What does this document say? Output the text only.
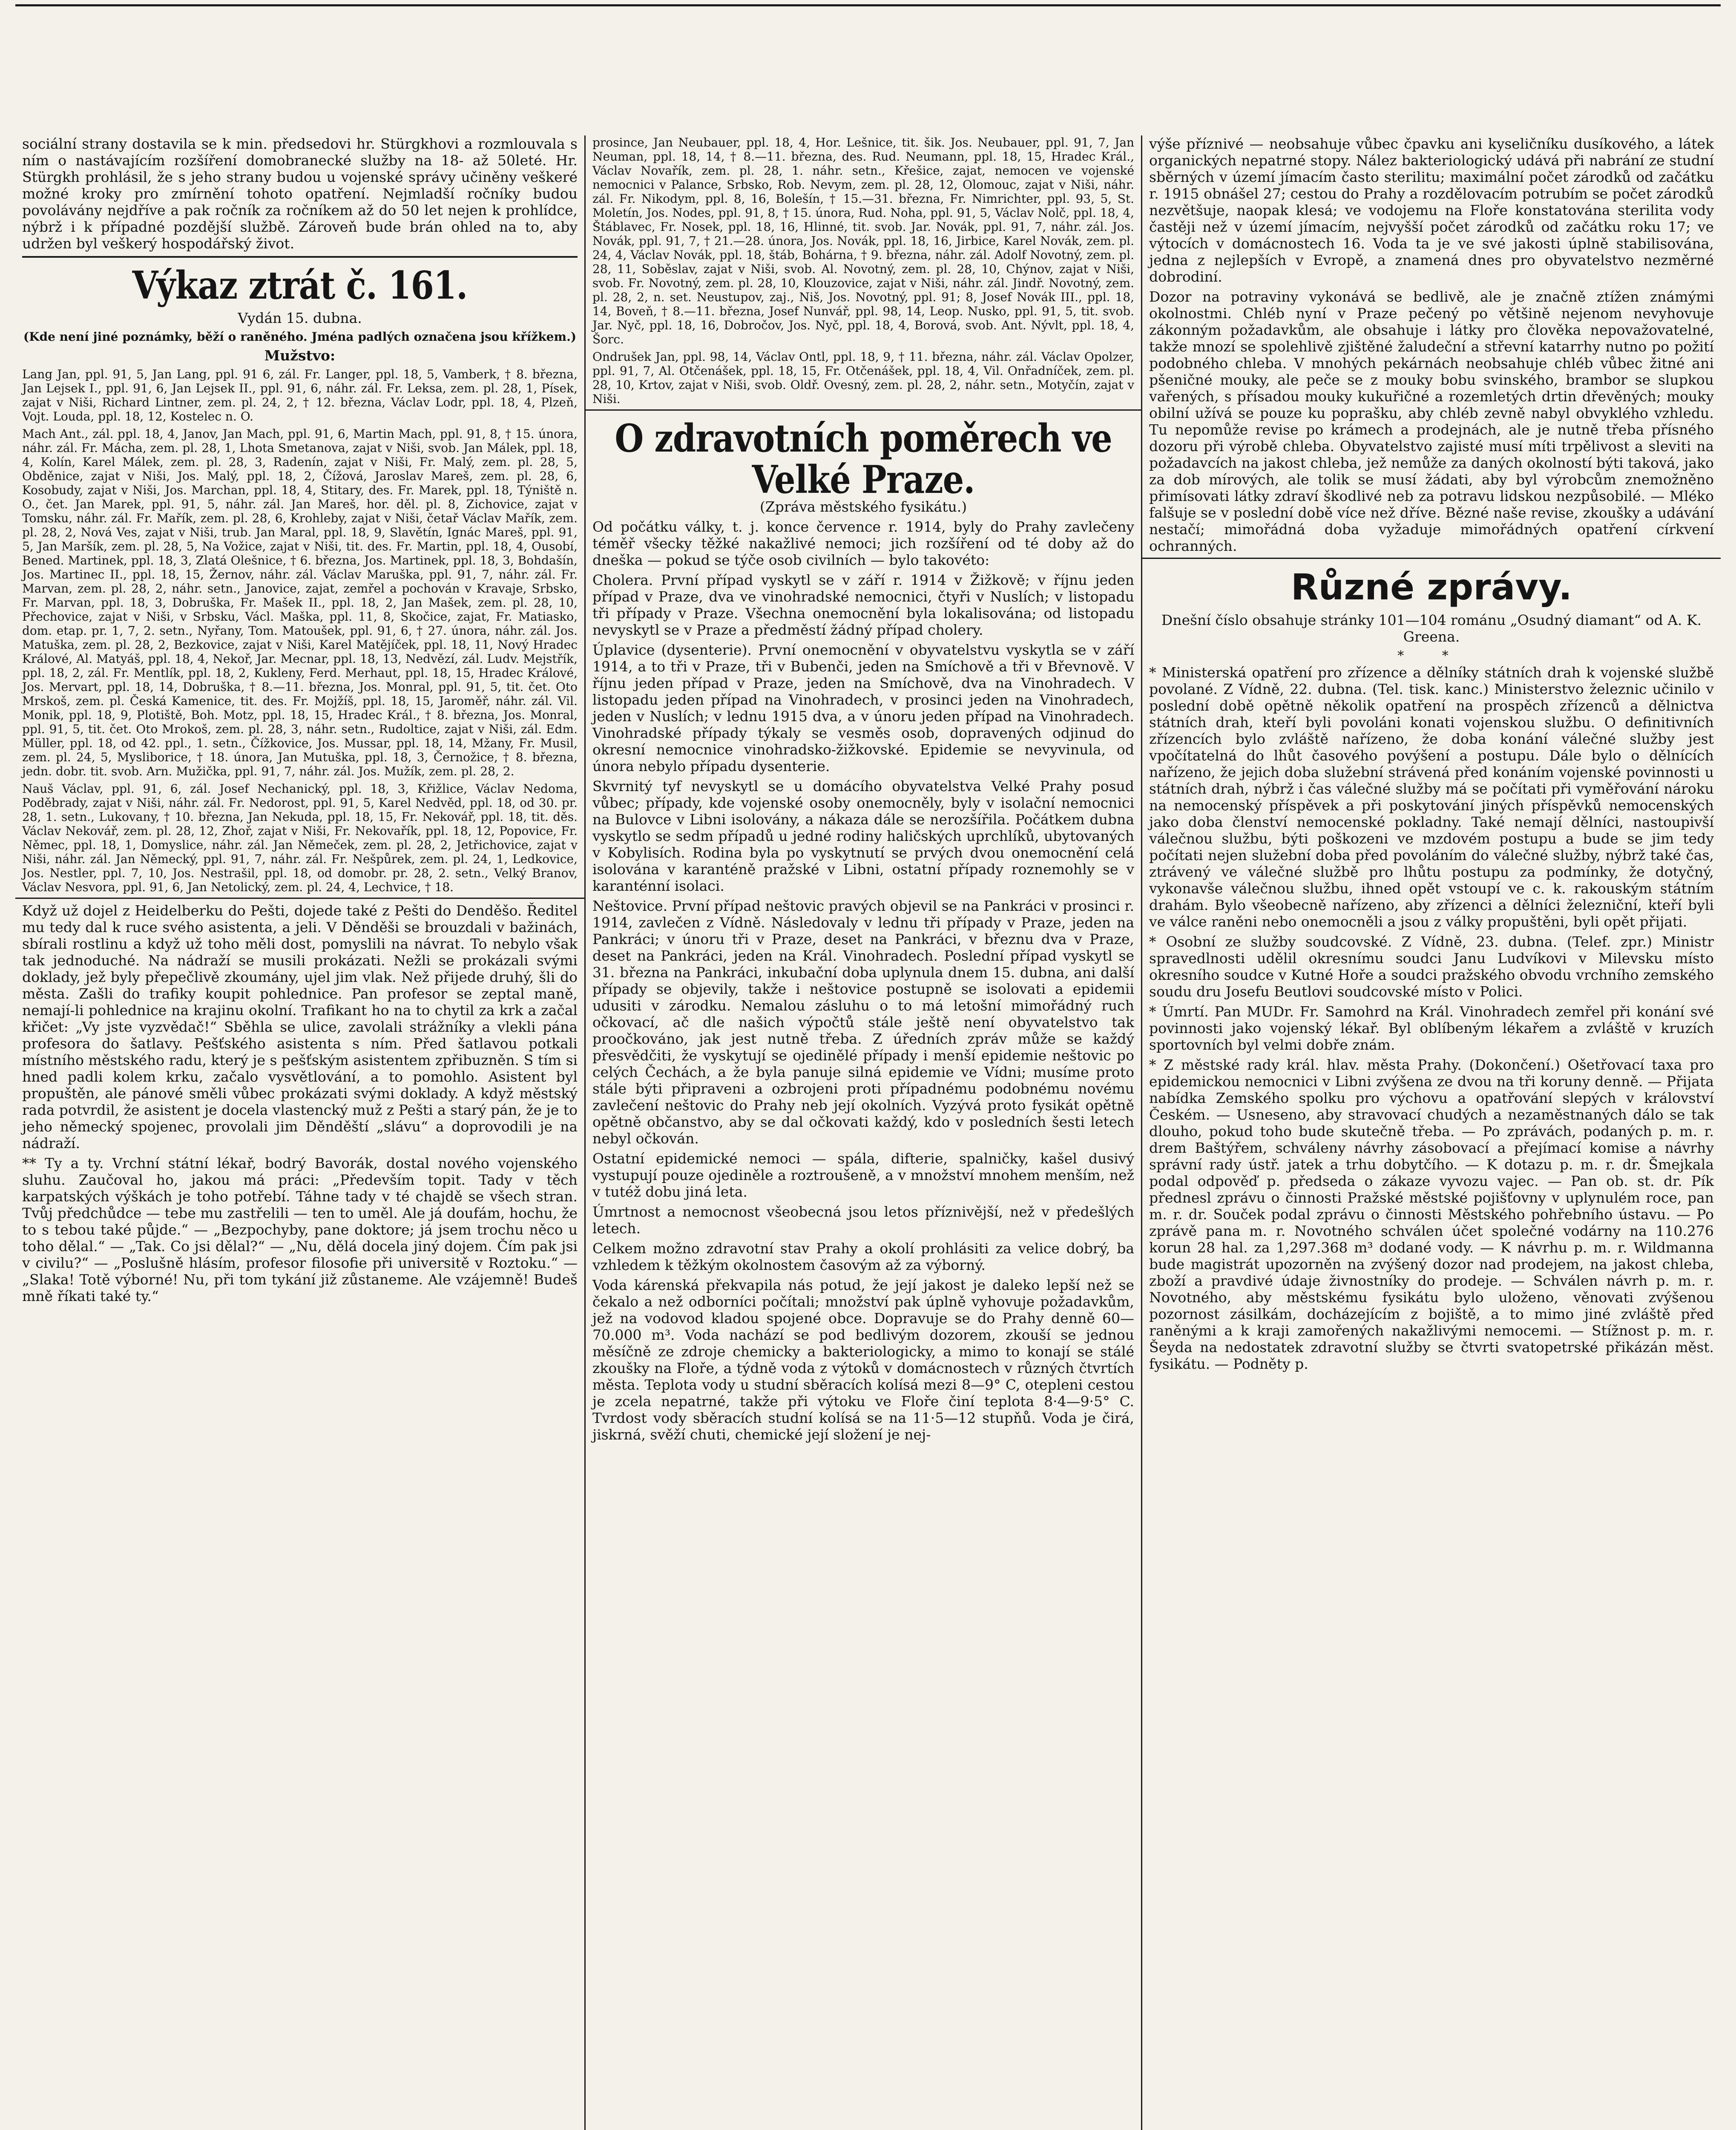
sociální strany dostavila se k min. předsedovi hr. Stürgkhovi a rozmlouvala s ním o nastávajícím rozšíření domobranecké služby na 18- až 50leté. Hr. Stürgkh prohlásil, že s jeho strany budou u vojenské správy učiněny veškeré možné kroky pro zmírnění tohoto opatření. Nejmladší ročníky budou povolávány nejdříve a pak ročník za ročníkem až do 50 let nejen k prohlídce, nýbrž i k případné pozdější službě. Zároveň bude brán ohled na to, aby udržen byl veškerý hospodářský život.

Výkaz ztrát č. 161.

Vydán 15. dubna.

(Kde není jiné poznámky, běží o raněného. Jména padlých označena jsou křížkem.)

Mužstvo:

Lang Jan, ppl. 91, 5, Jan Lang, ppl. 91 6, zál. Fr. Langer, ppl. 18, 5, Vamberk, † 8. března, Jan Lejsek I., ppl. 91, 6, Jan Lejsek II., ppl. 91, 6, náhr. zál. Fr. Leksa, zem. pl. 28, 1, Písek, zajat v Niši, Richard Lintner, zem. pl. 24, 2, † 12. března, Václav Lodr, ppl. 18, 4, Plzeň, Vojt. Louda, ppl. 18, 12, Kostelec n. O.

Mach Ant., zál. ppl. 18, 4, Janov, Jan Mach, ppl. 91, 6, Martin Mach, ppl. 91, 8, † 15. února, náhr. zál. Fr. Mácha, zem. pl. 28, 1, Lhota Smetanova, zajat v Niši, svob. Jan Málek, ppl. 18, 4, Kolín, Karel Málek, zem. pl. 28, 3, Radenín, zajat v Niši, Fr. Malý, zem. pl. 28, 5, Obděnice, zajat v Niši, Jos. Malý, ppl. 18, 2, Čížová, Jaroslav Mareš, zem. pl. 28, 6, Kosobudy, zajat v Niši, Jos. Marchan, ppl. 18, 4, Stitary, des. Fr. Marek, ppl. 18, Týniště n. O., čet. Jan Marek, ppl. 91, 5, náhr. zál. Jan Mareš, hor. děl. pl. 8, Zichovice, zajat v Tomsku, náhr. zál. Fr. Mařík, zem. pl. 28, 6, Krohleby, zajat v Niši, četař Václav Mařík, zem. pl. 28, 2, Nová Ves, zajat v Niši, trub. Jan Maral, ppl. 18, 9, Slavětín, Ignác Mareš, ppl. 91, 5, Jan Maršík, zem. pl. 28, 5, Na Vožice, zajat v Niši, tit. des. Fr. Martin, ppl. 18, 4, Ousobí, Bened. Martinek, ppl. 18, 3, Zlatá Olešnice, † 6. března, Jos. Martinek, ppl. 18, 3, Bohdašín, Jos. Martinec II., ppl. 18, 15, Žernov, náhr. zál. Václav Maruška, ppl. 91, 7, náhr. zál. Fr. Marvan, zem. pl. 28, 2, náhr. setn., Janovice, zajat, zemřel a pochován v Kravaje, Srbsko, Fr. Marvan, ppl. 18, 3, Dobruška, Fr. Mašek II., ppl. 18, 2, Jan Mašek, zem. pl. 28, 10, Přechovice, zajat v Niši, v Srbsku, Václ. Maška, ppl. 11, 8, Skočice, zajat, Fr. Matiasko, dom. etap. pr. 1, 7, 2. setn., Nyřany, Tom. Matoušek, ppl. 91, 6, † 27. února, náhr. zál. Jos. Matuška, zem. pl. 28, 2, Bezkovice, zajat v Niši, Karel Matějíček, ppl. 18, 11, Nový Hradec Králové, Al. Matyáš, ppl. 18, 4, Nekoř, Jar. Mecnar, ppl. 18, 13, Nedvězí, zál. Ludv. Mejstřík, ppl. 18, 2, zál. Fr. Mentlík, ppl. 18, 2, Kukleny, Ferd. Merhaut, ppl. 18, 15, Hradec Králové, Jos. Mervart, ppl. 18, 14, Dobruška, † 8.—11. března, Jos. Monral, ppl. 91, 5, tit. čet. Oto Mrskoš, zem. pl. Česká Kamenice, tit. des. Fr. Mojžíš, ppl. 18, 15, Jaroměř, náhr. zál. Vil. Monik, ppl. 18, 9, Plotiště, Boh. Motz, ppl. 18, 15, Hradec Král., † 8. března, Jos. Monral, ppl. 91, 5, tit. čet. Oto Mrokoš, zem. pl. 28, 3, náhr. setn., Rudoltice, zajat v Niši, zál. Edm. Müller, ppl. 18, od 42. ppl., 1. setn., Čížkovice, Jos. Mussar, ppl. 18, 14, Mžany, Fr. Musil, zem. pl. 24, 5, Mysliborice, † 18. února, Jan Mutuška, ppl. 18, 3, Černožice, † 8. března, jedn. dobr. tit. svob. Arn. Mužička, ppl. 91, 7, náhr. zál. Jos. Mužík, zem. pl. 28, 2.

Nauš Václav, ppl. 91, 6, zál. Josef Nechanický, ppl. 18, 3, Křižlice, Václav Nedoma, Poděbrady, zajat v Niši, náhr. zál. Fr. Nedorost, ppl. 91, 5, Karel Nedvěd, ppl. 18, od 30. pr. 28, 1. setn., Lukovany, † 10. března, Jan Nekuda, ppl. 18, 15, Fr. Nekovář, ppl. 18, tit. děs. Václav Nekovář, zem. pl. 28, 12, Zhoř, zajat v Niši, Fr. Nekovařík, ppl. 18, 12, Popovice, Fr. Němec, ppl. 18, 1, Domyslice, náhr. zál. Jan Němeček, zem. pl. 28, 2, Jetřichovice, zajat v Niši, náhr. zál. Jan Německý, ppl. 91, 7, náhr. zál. Fr. Nešpůrek, zem. pl. 24, 1, Ledkovice, Jos. Nestler, ppl. 7, 10, Jos. Nestrašil, ppl. 18, od domobr. pr. 28, 2. setn., Velký Branov, Václav Nesvora, ppl. 91, 6, Jan Netolický, zem. pl. 24, 4, Lechvice, † 18.

Když už dojel z Heidelberku do Pešti, dojede také z Pešti do Denděšo. Ředitel mu tedy dal k ruce svého asistenta, a jeli. V Děnděši se brouzdali v bažinách, sbírali rostlinu a když už toho měli dost, pomyslili na návrat. To nebylo však tak jednoduché. Na nádraží se musili prokázati. Nežli se prokázali svými doklady, jež byly přepečlivě zkoumány, ujel jim vlak. Než přijede druhý, šli do města. Zašli do trafiky koupit pohlednice. Pan profesor se zeptal maně, nemají-li pohlednice na krajinu okolní. Trafikant ho na to chytil za krk a začal křičet: „Vy jste vyzvědač!“ Sběhla se ulice, zavolali strážníky a vlekli pána profesora do šatlavy. Pešťského asistenta s ním. Před šatlavou potkali místního městského radu, který je s pešťským asistentem zpřibuzněn. S tím si hned padli kolem krku, začalo vysvětlování, a to pomohlo. Asistent byl propuštěn, ale pánové směli vůbec prokázati svými doklady. A když městský rada potvrdil, že asistent je docela vlastencký muž z Pešti a starý pán, že je to jeho německý spojenec, provolali jim Děnděští „slávu“ a doprovodili je na nádraží.

** Ty a ty. Vrchní státní lékař, bodrý Bavorák, dostal nového vojenského sluhu. Zaučoval ho, jakou má práci: „Především topit. Tady v těch karpatských výškách je toho potřebí. Táhne tady v té chajdě se všech stran. Tvůj předchůdce — tebe mu zastřelili — ten to uměl. Ale já doufám, hochu, že to s tebou také půjde.“ — „Bezpochyby, pane doktore; já jsem trochu něco u toho dělal.“ — „Tak. Co jsi dělal?“ — „Nu, dělá docela jiný dojem. Čím pak jsi v civilu?“ — „Poslušně hlásím, profesor filosofie při universitě v Roztoku.“ — „Slaka! Totě výborné! Nu, při tom tykání již zůstaneme. Ale vzájemně! Budeš mně říkati také ty.“

prosince, Jan Neubauer, ppl. 18, 4, Hor. Lešnice, tit. šik. Jos. Neubauer, ppl. 91, 7, Jan Neuman, ppl. 18, 14, † 8.—11. března, des. Rud. Neumann, ppl. 18, 15, Hradec Král., Václav Novařík, zem. pl. 28, 1. náhr. setn., Křešice, zajat, nemocen ve vojenské nemocnici v Palance, Srbsko, Rob. Nevym, zem. pl. 28, 12, Olomouc, zajat v Niši, náhr. zál. Fr. Nikodym, ppl. 8, 16, Bolešín, † 15.—31. března, Fr. Nimrichter, ppl. 93, 5, St. Moletín, Jos. Nodes, ppl. 91, 8, † 15. února, Rud. Noha, ppl. 91, 5, Václav Nolč, ppl. 18, 4, Štáblavec, Fr. Nosek, ppl. 18, 16, Hlinné, tit. svob. Jar. Novák, ppl. 91, 7, náhr. zál. Jos. Novák, ppl. 91, 7, † 21.—28. února, Jos. Novák, ppl. 18, 16, Jirbice, Karel Novák, zem. pl. 24, 4, Václav Novák, ppl. 18, štáb, Bohárna, † 9. března, náhr. zál. Adolf Novotný, zem. pl. 28, 11, Soběslav, zajat v Niši, svob. Al. Novotný, zem. pl. 28, 10, Chýnov, zajat v Niši, svob. Fr. Novotný, zem. pl. 28, 10, Klouzovice, zajat v Niši, náhr. zál. Jindř. Novotný, zem. pl. 28, 2, n. set. Neustupov, zaj., Niš, Jos. Novotný, ppl. 91; 8, Josef Novák III., ppl. 18, 14, Boveň, † 8.—11. března, Josef Nunvář, ppl. 98, 14, Leop. Nusko, ppl. 91, 5, tit. svob. Jar. Nyč, ppl. 18, 16, Dobročov, Jos. Nyč, ppl. 18, 4, Borová, svob. Ant. Nývlt, ppl. 18, 4, Šorc.

Ondrušek Jan, ppl. 98, 14, Václav Ontl, ppl. 18, 9, † 11. března, náhr. zál. Václav Opolzer, ppl. 91, 7, Al. Otčenášek, ppl. 18, 15, Fr. Otčenášek, ppl. 18, 4, Vil. Onřadníček, zem. pl. 28, 10, Krtov, zajat v Niši, svob. Oldř. Ovesný, zem. pl. 28, 2, náhr. setn., Motyčín, zajat v Niši.

O zdravotních poměrech ve Velké Praze.

(Zpráva městského fysikátu.)

Od počátku války, t. j. konce července r. 1914, byly do Prahy zavlečeny téměř všecky těžké nakažlivé nemoci; jich rozšíření od té doby až do dneška — pokud se týče osob civilních — bylo takovéto:

Cholera. První případ vyskytl se v září r. 1914 v Žižkově; v říjnu jeden případ v Praze, dva ve vinohradské nemocnici, čtyři v Nuslích; v listopadu tři případy v Praze. Všechna onemocnění byla lokalisována; od listopadu nevyskytl se v Praze a předměstí žádný případ cholery.

Úplavice (dysenterie). První onemocnění v obyvatelstvu vyskytla se v září 1914, a to tři v Praze, tři v Bubenči, jeden na Smíchově a tři v Břevnově. V říjnu jeden případ v Praze, jeden na Smíchově, dva na Vinohradech. V listopadu jeden případ na Vinohradech, v prosinci jeden na Vinohradech, jeden v Nuslích; v lednu 1915 dva, a v únoru jeden případ na Vinohradech. Vinohradské případy týkaly se vesměs osob, dopravených odjinud do okresní nemocnice vinohradsko-žižkovské. Epidemie se nevyvinula, od února nebylo případu dysenterie.

Skvrnitý tyf nevyskytl se u domácího obyvatelstva Velké Prahy posud vůbec; případy, kde vojenské osoby onemocněly, byly v isolační nemocnici na Bulovce v Libni isolovány, a nákaza dále se nerozšířila. Počátkem dubna vyskytlo se sedm případů u jedné rodiny haličských uprchlíků, ubytovaných v Kobylisích. Rodina byla po vyskytnutí se prvých dvou onemocnění celá isolována v karanténě pražské v Libni, ostatní případy roznemohly se v karanténní isolaci.

Neštovice. První případ neštovic pravých objevil se na Pankráci v prosinci r. 1914, zavlečen z Vídně. Následovaly v lednu tři případy v Praze, jeden na Pankráci; v únoru tři v Praze, deset na Pankráci, v březnu dva v Praze, deset na Pankráci, jeden na Král. Vinohradech. Poslední případ vyskytl se 31. března na Pankráci, inkubační doba uplynula dnem 15. dubna, ani další případy se objevily, takže i neštovice postupně se isolovati a epidemii udusiti v zárodku. Nemalou zásluhu o to má letošní mimořádný ruch očkovací, ač dle našich výpočtů stále ještě není obyvatelstvo tak proočkováno, jak jest nutně třeba. Z úředních zpráv může se každý přesvědčiti, že vyskytují se ojedinělé případy i menší epidemie neštovic po celých Čechách, a že byla panuje silná epidemie ve Vídni; musíme proto stále býti připraveni a ozbrojeni proti případnému podobnému novému zavlečení neštovic do Prahy neb její okolních. Vyzývá proto fysikát opětně opětně občanstvo, aby se dal očkovati každý, kdo v posledních šesti letech nebyl očkován.

Ostatní epidemické nemoci — spála, difterie, spalničky, kašel dusivý vystupují pouze ojediněle a roztroušeně, a v množství mnohem menším, než v tutéž dobu jiná leta.

Úmrtnost a nemocnost všeobecná jsou letos příznivější, než v předešlých letech.

Celkem možno zdravotní stav Prahy a okolí prohlásiti za velice dobrý, ba vzhledem k těžkým okolnostem časovým až za výborný.

Voda kárenská překvapila nás potud, že její jakost je daleko lepší než se čekalo a než odborníci počítali; množství pak úplně vyhovuje požadavkům, jež na vodovod kladou spojené obce. Dopravuje se do Prahy denně 60—70.000 m³. Voda nachází se pod bedlivým dozorem, zkouší se jednou měsíčně ze zdroje chemicky a bakteriologicky, a mimo to konají se stálé zkoušky na Floře, a týdně voda z výtoků v domácnostech v různých čtvrtích města. Teplota vody u studní sběracích kolísá mezi 8—9° C, otepleni cestou je zcela nepatrné, takže při výtoku ve Floře činí teplota 8·4—9·5° C. Tvrdost vody sběracích studní kolísá se na 11·5—12 stupňů. Voda je čirá, jiskrná, svěží chuti, chemické její složení je nej-

výše příznivé — neobsahuje vůbec čpavku ani kyseličníku dusíkového, a látek organických nepatrné stopy. Nález bakteriologický udává při nabrání ze studní sběrných v území jímacím často sterilitu; maximální počet zárodků od začátku r. 1915 obnášel 27; cestou do Prahy a rozdělovacím potrubím se počet zárodků nezvětšuje, naopak klesá; ve vodojemu na Floře konstatována sterilita vody častěji než v území jímacím, nejvyšší počet zárodků od začátku roku 17; ve výtocích v domácnostech 16. Voda ta je ve své jakosti úplně stabilisována, jedna z nejlepších v Evropě, a znamená dnes pro obyvatelstvo nezměrné dobrodiní.

Dozor na potraviny vykonává se bedlivě, ale je značně ztížen známými okolnostmi. Chléb nyní v Praze pečený po většině nejenom nevyhovuje zákonným požadavkům, ale obsahuje i látky pro člověka nepovažovatelné, takže mnozí se spolehlivě zjištěné žaludeční a střevní katarrhy nutno po požití podobného chleba. V mnohých pekárnách neobsahuje chléb vůbec žitné ani pšeničné mouky, ale peče se z mouky bobu svinského, brambor se slupkou vařených, s přísadou mouky kukuřičné a rozemletých drtin dřevěných; mouky obilní užívá se pouze ku poprašku, aby chléb zevně nabyl obvyklého vzhledu. Tu nepomůže revise po krámech a prodejnách, ale je nutně třeba přísného dozoru při výrobě chleba. Obyvatelstvo zajisté musí míti trpělivost a sleviti na požadavcích na jakost chleba, jež nemůže za daných okolností býti taková, jako za dob mírových, ale tolik se musí žádati, aby byl výrobcům znemožněno přimísovati látky zdraví škodlivé neb za potravu lidskou nezpůsobilé. — Mléko falšuje se v poslední době více než dříve. Bězné naše revise, zkoušky a udávání nestačí; mimořádná doba vyžaduje mimořádných opatření církvení ochranných.

Různé zprávy.

Dnešní číslo obsahuje stránky 101—104 románu „Osudný diamant“ od A. K. Greena.

* *

* Ministerská opatření pro zřízence a dělníky státních drah k vojenské službě povolané. Z Vídně, 22. dubna. (Tel. tisk. kanc.) Ministerstvo železnic učinilo v poslední době opětně několik opatření na prospěch zřízenců a dělnictva státních drah, kteří byli povoláni konati vojenskou službu. O definitivních zřízencích bylo zvláště nařízeno, že doba konání válečné služby jest vpočítatelná do lhůt časového povýšení a postupu. Dále bylo o dělnících nařízeno, že jejich doba služební strávená před konáním vojenské povinnosti u státních drah, nýbrž i čas válečné služby má se počítati při vyměřování nároku na nemocenský příspěvek a při poskytování jiných příspěvků nemocenských jako doba členství nemocenské pokladny. Také nemají dělníci, nastoupivší válečnou službu, býti poškozeni ve mzdovém postupu a bude se jim tedy počítati nejen služební doba před povoláním do válečné služby, nýbrž také čas, ztrávený ve válečné službě pro lhůtu postupu za podmínky, že dotyčný, vykonavše válečnou službu, ihned opět vstoupí ve c. k. rakouským státním drahám. Bylo všeobecně nařízeno, aby zřízenci a dělníci železniční, kteří byli ve válce raněni nebo onemocněli a jsou z války propuštěni, byli opět přijati.

* Osobní ze služby soudcovské. Z Vídně, 23. dubna. (Telef. zpr.) Ministr spravedlnosti udělil okresnímu soudci Janu Ludvíkovi v Milevsku místo okresního soudce v Kutné Hoře a soudci pražského obvodu vrchního zemského soudu dru Josefu Beutlovi soudcovské místo v Polici.

* Úmrtí. Pan MUDr. Fr. Samohrd na Král. Vinohradech zemřel při konání své povinnosti jako vojenský lékař. Byl oblíbeným lékařem a zvláště v kruzích sportovních byl velmi dobře znám.

* Z městské rady král. hlav. města Prahy. (Dokončení.) Ošetřovací taxa pro epidemickou nemocnici v Libni zvýšena ze dvou na tři koruny denně. — Přijata nabídka Zemského spolku pro výchovu a opatřování slepých v království Českém. — Usneseno, aby stravovací chudých a nezaměstnaných dálo se tak dlouho, pokud toho bude skutečně třeba. — Po zprávách, podaných p. m. r. drem Baštýřem, schváleny návrhy zásobovací a přejímací komise a návrhy správní rady ústř. jatek a trhu dobytčího. — K dotazu p. m. r. dr. Šmejkala podal odpověď p. předseda o zákaze vyvozu vajec. — Pan ob. st. dr. Pík přednesl zprávu o činnosti Pražské městské pojišťovny v uplynulém roce, pan m. r. dr. Souček podal zprávu o činnosti Městského pohřebního ústavu. — Po zprávě pana m. r. Novotného schválen účet společné vodárny na 110.276 korun 28 hal. za 1,297.368 m³ dodané vody. — K návrhu p. m. r. Wildmanna bude magistrát upozorněn na zvýšený dozor nad prodejem, na jakost chleba, zboží a pravdivé údaje živnostníky do prodeje. — Schválen návrh p. m. r. Novotného, aby městskému fysikátu bylo uloženo, věnovati zvýšenou pozornost zásilkám, docházejícím z bojiště, a to mimo jiné zvláště před raněnými a k kraji zamořených nakažlivými nemocemi. — Stížnost p. m. r. Šeyda na nedostatek zdravotní služby se čtvrti svatopetrské přikázán měst. fysikátu. — Podněty p.
